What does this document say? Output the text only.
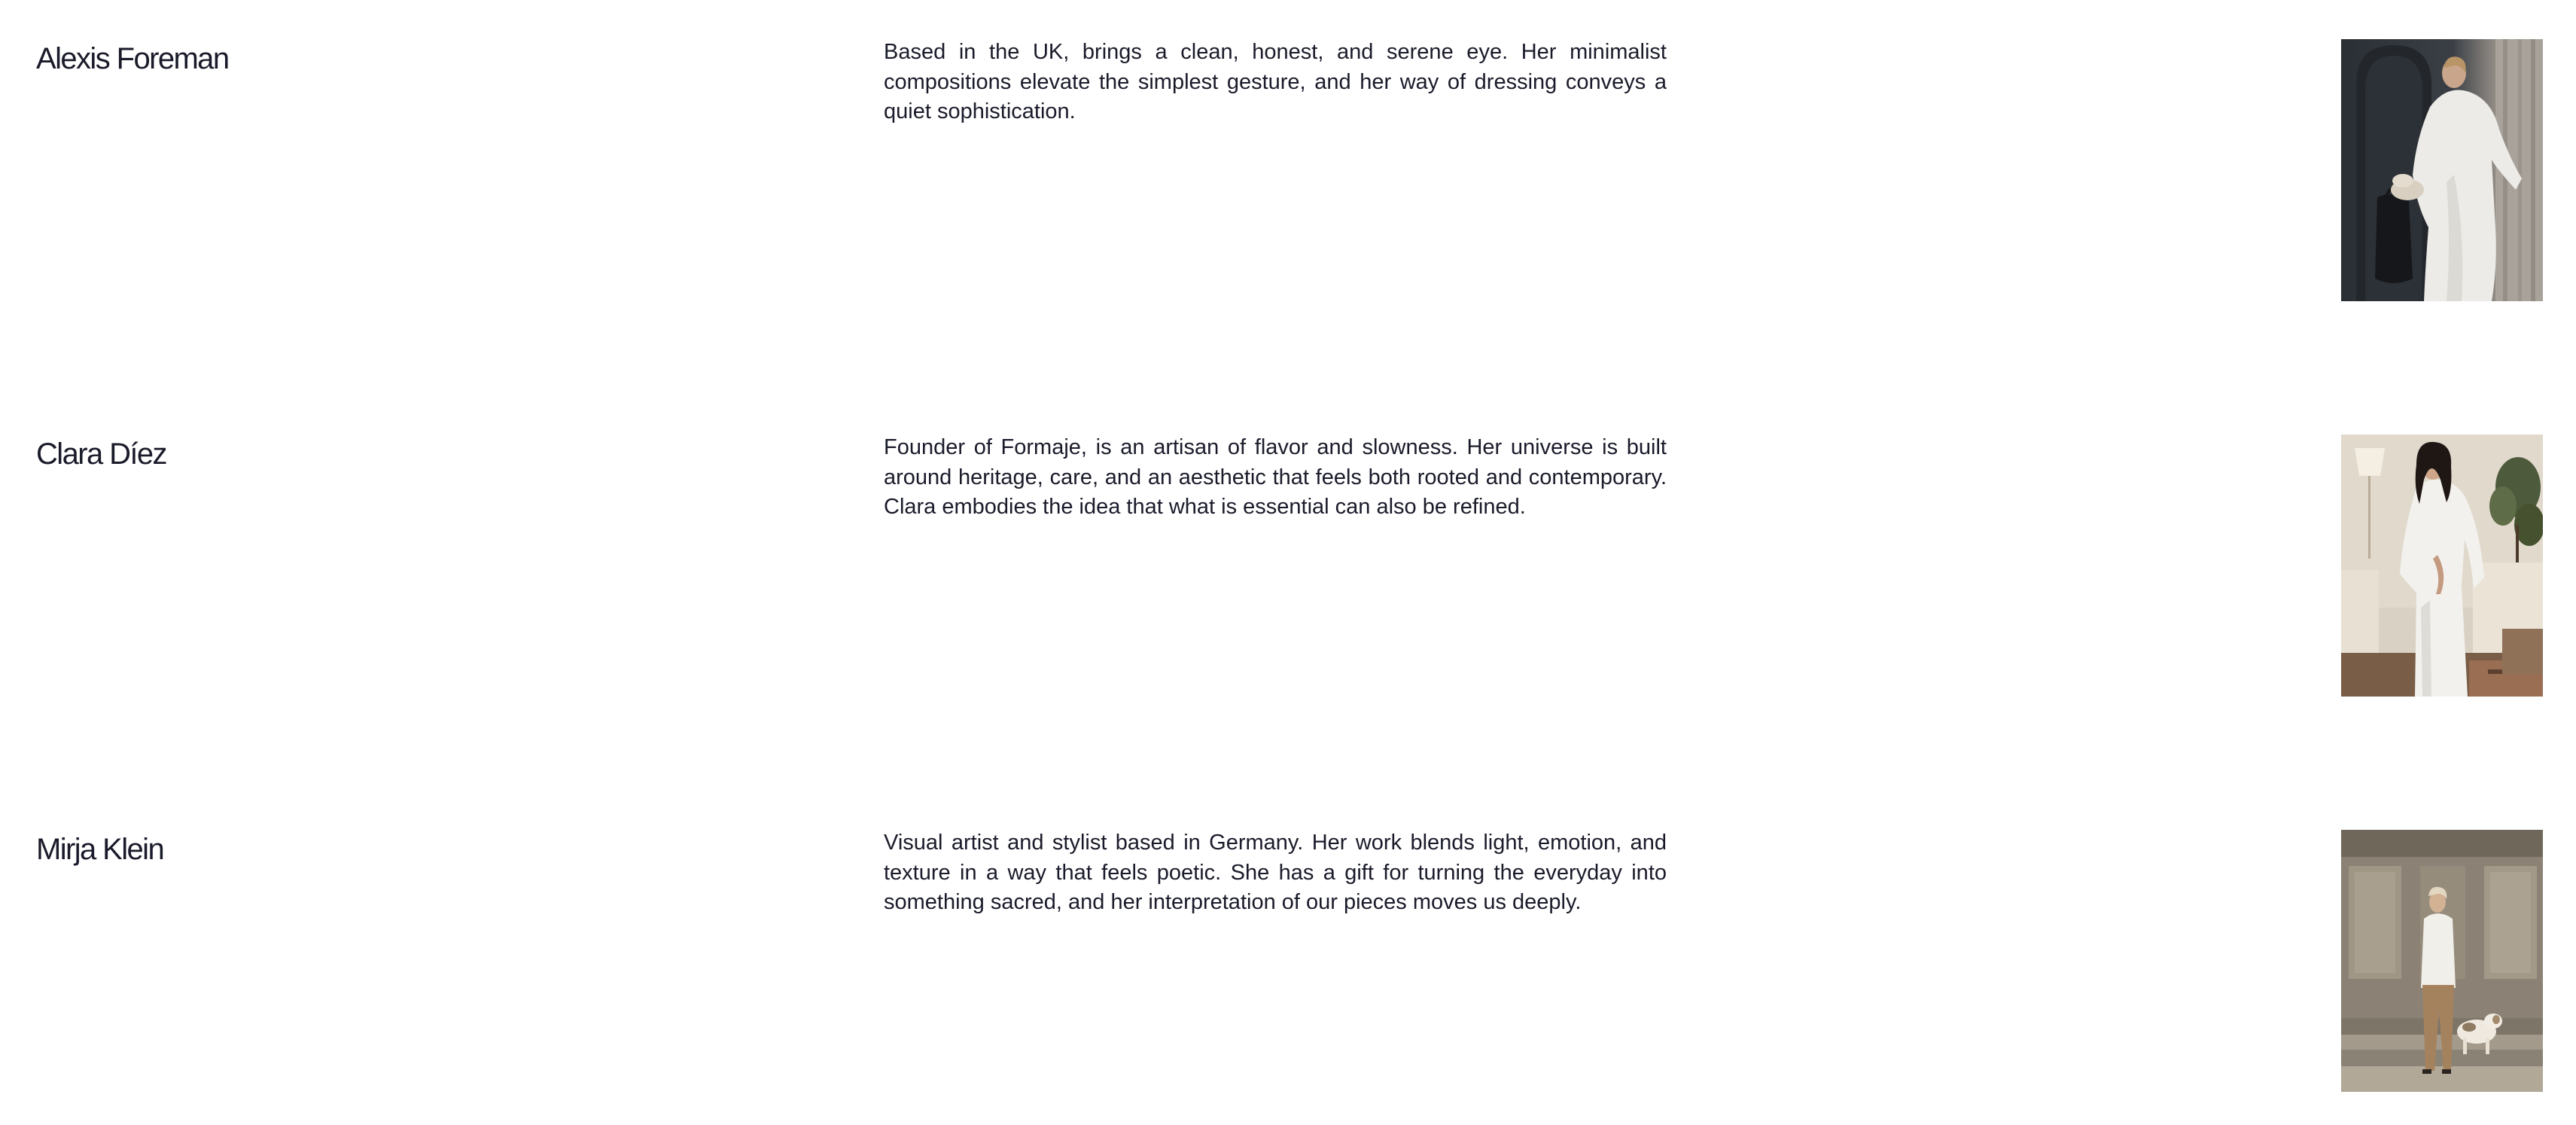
Alexis Foreman	Based in the UK, brings a clean, honest, and serene eye. Her minimalist compositions elevate the simplest gesture, and her way of dressing conveys a quiet sophistication.

Clara Díez	Founder of Formaje, is an artisan of flavor and slowness. Her universe is built around heritage, care, and an aesthetic that feels both rooted and contemporary. Clara embodies the idea that what is essential can also be refined.

Mirja Klein	Visual artist and stylist based in Germany. Her work blends light, emotion, and texture in a way that feels poetic. She has a gift for turning the everyday into something sacred, and her interpretation of our pieces moves us deeply.
